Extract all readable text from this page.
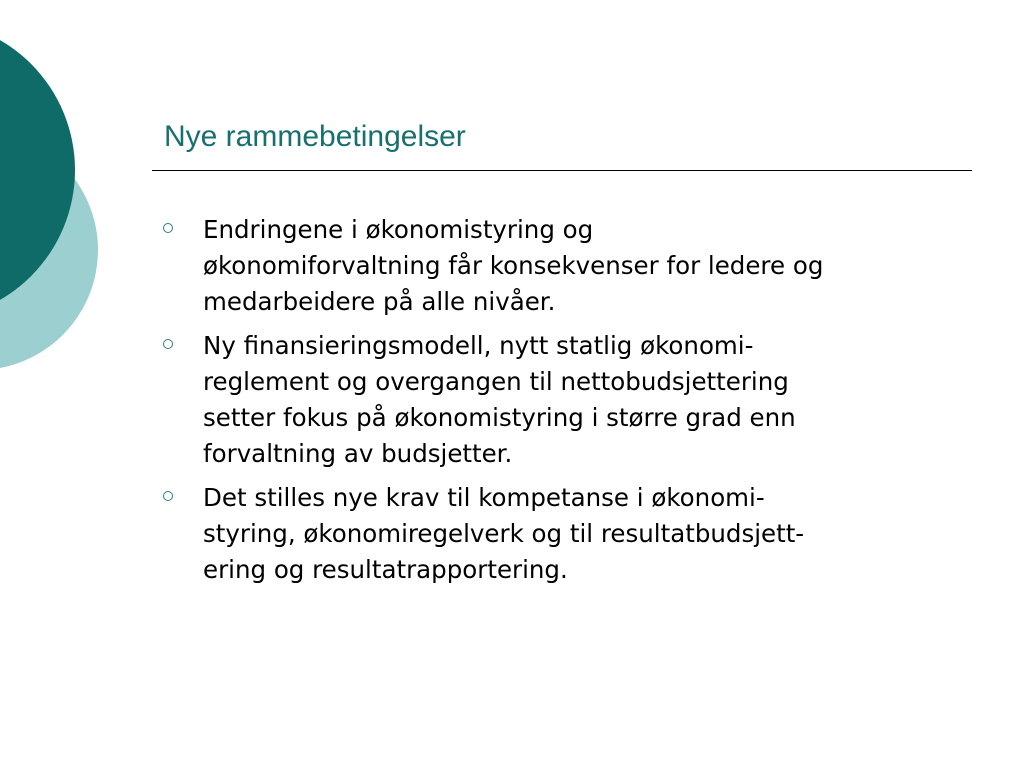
Nye rammebetingelser
Endringene i økonomistyring og
økonomiforvaltning får konsekvenser for ledere og
medarbeidere på alle nivåer.
Ny finansieringsmodell, nytt statlig økonomi-
reglement og overgangen til nettobudsjettering
setter fokus på økonomistyring i større grad enn
forvaltning av budsjetter.
Det stilles nye krav til kompetanse i økonomi-
styring, økonomiregelverk og til resultatbudsjett-
ering og resultatrapportering.
